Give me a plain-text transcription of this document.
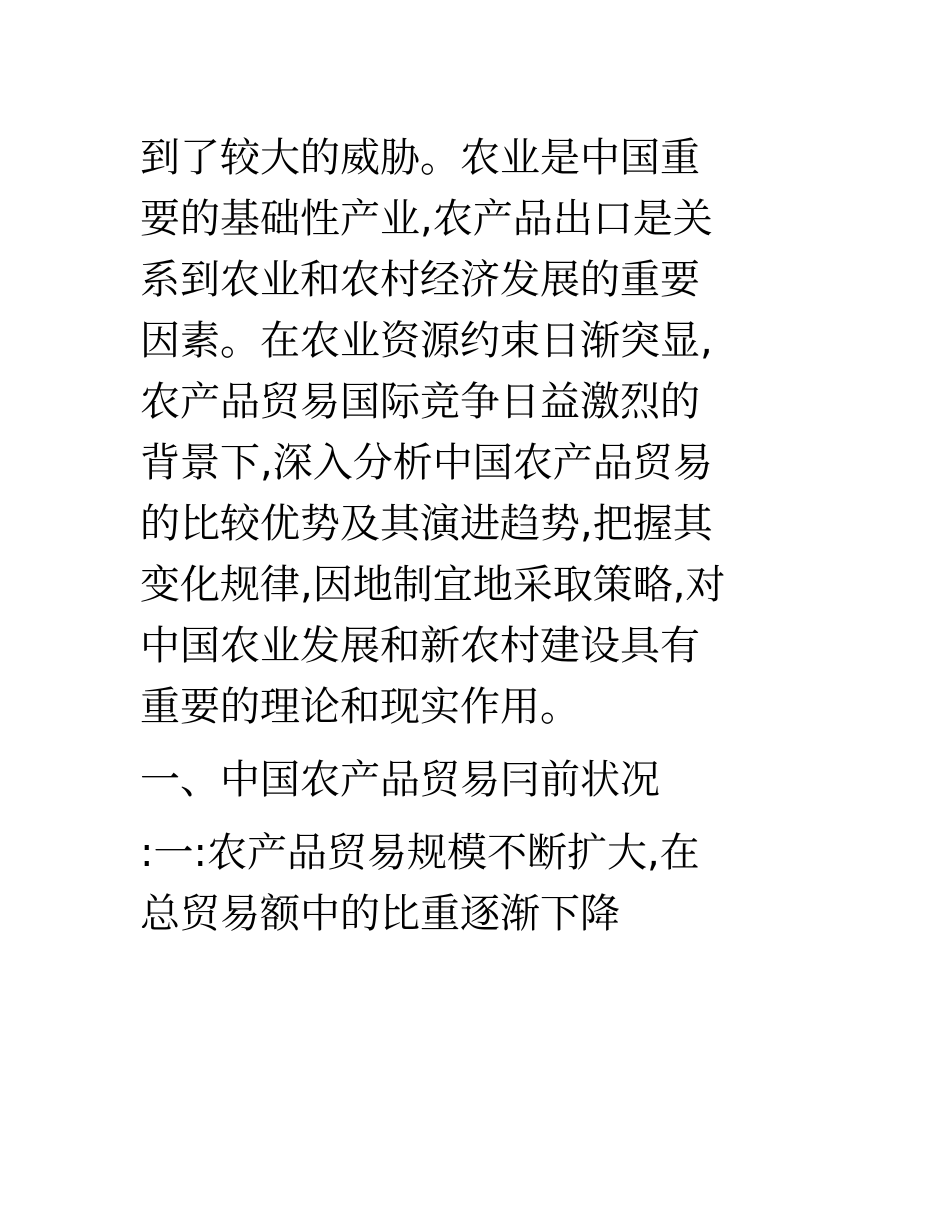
到了较大的威胁。农业是中国重
要的基础性产业,农产品出口是关
系到农业和农村经济发展的重要
因素。在农业资源约束日渐突显,
农产品贸易国际竞争日益激烈的
背景下,深入分析中国农产品贸易
的比较优势及其演进趋势,把握其
变化规律,因地制宜地采取策略,对
中国农业发展和新农村建设具有
重要的理论和现实作用。
一、中国农产品贸易冃前状况
:一:农产品贸易规模不断扩大,在
总贸易额中的比重逐渐下降
